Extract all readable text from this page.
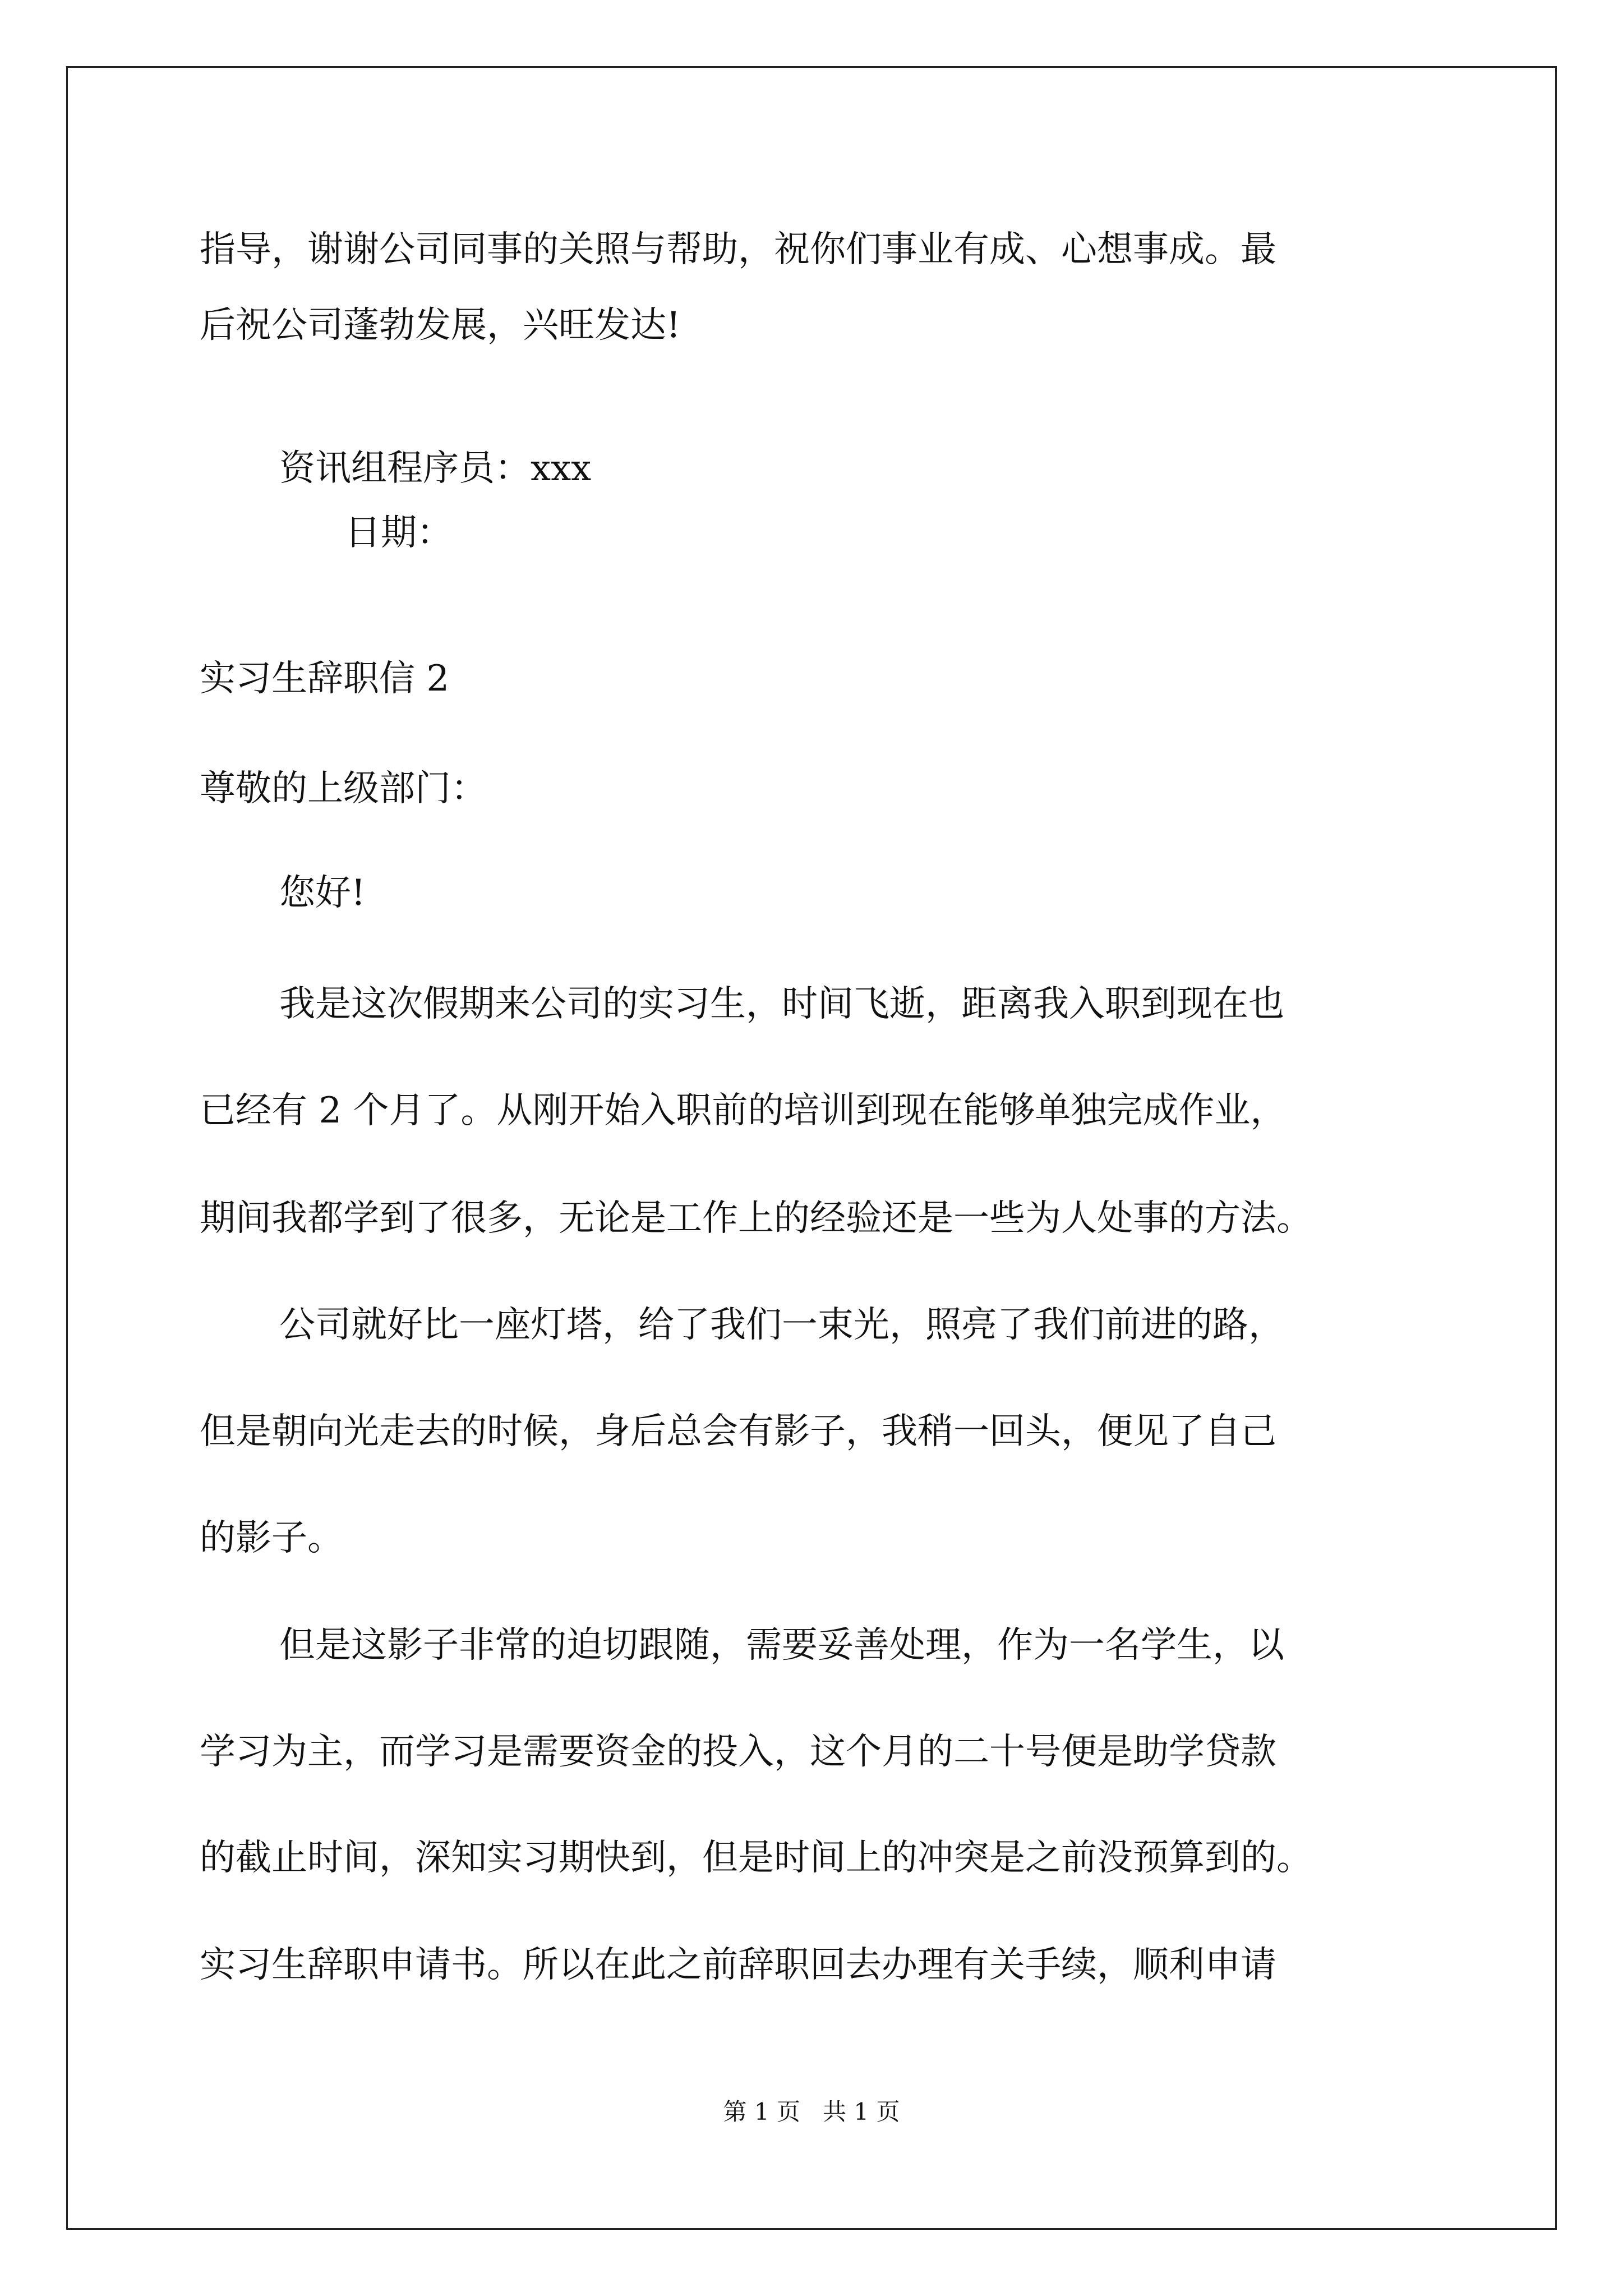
指导，谢谢公司同事的关照与帮助，祝你们事业有成、心想事成。最
后祝公司蓬勃发展，兴旺发达!
资讯组程序员：xxx
日期：
实习生辞职信 2
尊敬的上级部门：
您好!
我是这次假期来公司的实习生，时间飞逝，距离我入职到现在也
已经有 2 个月了。从刚开始入职前的培训到现在能够单独完成作业，
期间我都学到了很多，无论是工作上的经验还是一些为人处事的方法。
公司就好比一座灯塔，给了我们一束光，照亮了我们前进的路，
但是朝向光走去的时候，身后总会有影子，我稍一回头，便见了自己
的影子。
但是这影子非常的迫切跟随，需要妥善处理，作为一名学生，以
学习为主，而学习是需要资金的投入，这个月的二十号便是助学贷款
的截止时间，深知实习期快到，但是时间上的冲突是之前没预算到的。
实习生辞职申请书。所以在此之前辞职回去办理有关手续，顺利申请
第 1 页   共 1 页
